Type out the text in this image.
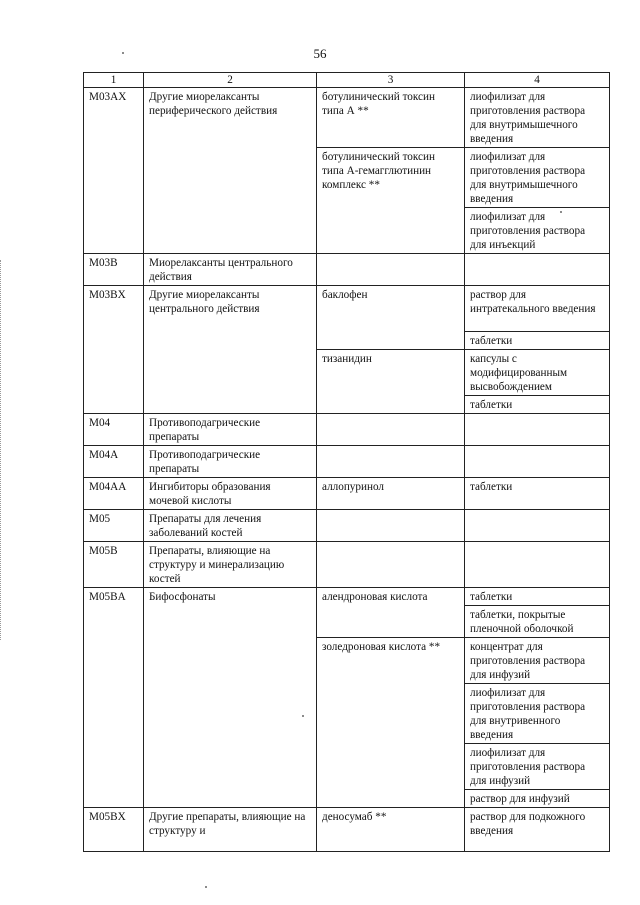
56
1	2	3	4
M03AX	Другие миорелаксанты периферического действия	ботулинический токсин типа А **	лиофилизат для приготовления раствора для внутримышечного введения
		ботулинический токсин типа А-гемагглютинин комплекс **	лиофилизат для приготовления раствора для внутримышечного введения
			лиофилизат для приготовления раствора для инъекций
M03B	Миорелаксанты центрального действия		
M03BX	Другие миорелаксанты центрального действия	баклофен	раствор для интратекального введения
			таблетки
		тизанидин	капсулы с модифицированным высвобождением
			таблетки
M04	Противоподагрические препараты		
M04A	Противоподагрические препараты		
M04AA	Ингибиторы образования мочевой кислоты	аллопуринол	таблетки
M05	Препараты для лечения заболеваний костей		
M05B	Препараты, влияющие на структуру и минерализацию костей		
M05BA	Бифосфонаты	алендроновая кислота	таблетки
			таблетки, покрытые пленочной оболочкой
		золедроновая кислота **	концентрат для приготовления раствора для инфузий
			лиофилизат для приготовления раствора для внутривенного введения
			лиофилизат для приготовления раствора для инфузий
			раствор для инфузий
M05BX	Другие препараты, влияющие на структуру и	деносумаб **	раствор для подкожного введения
